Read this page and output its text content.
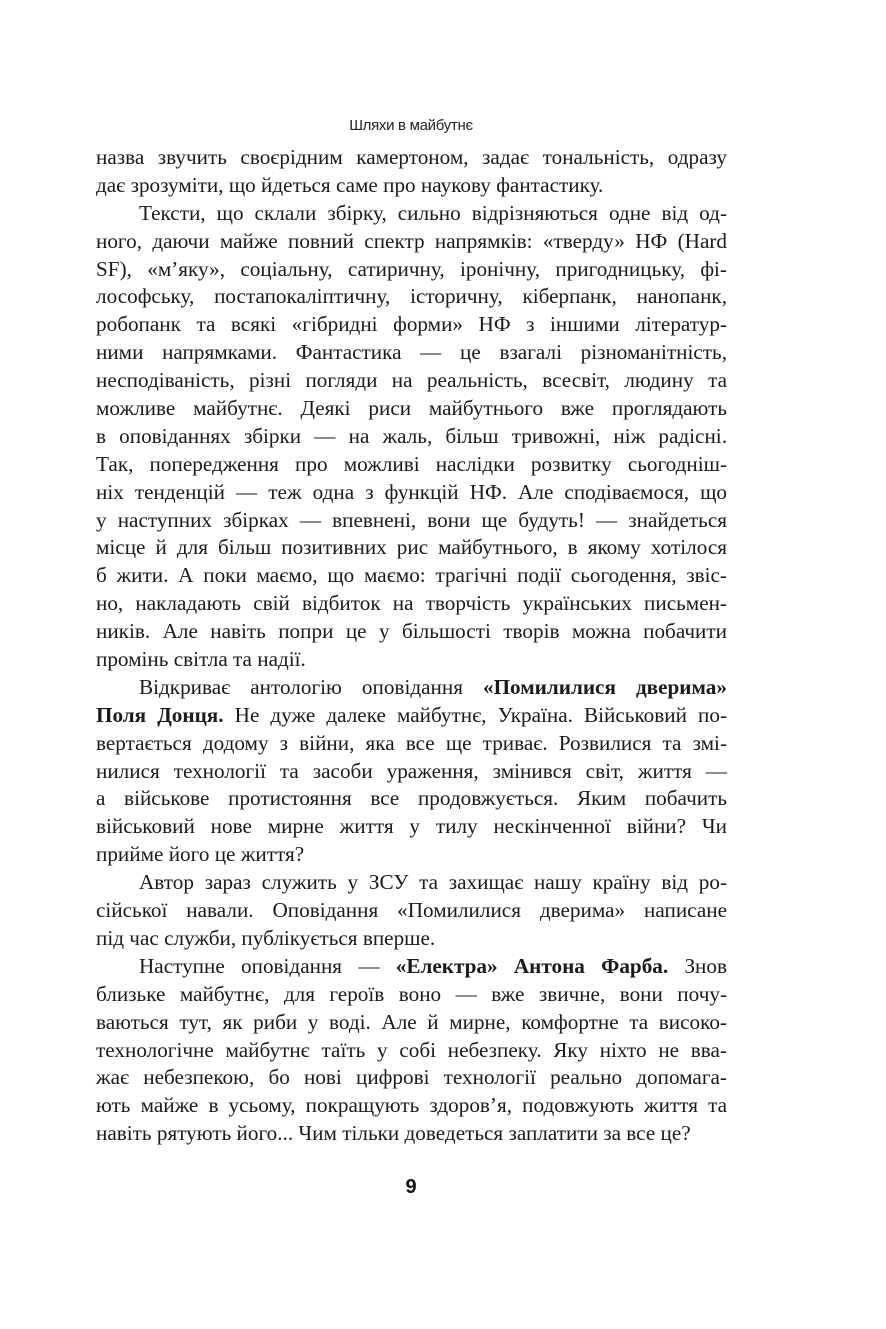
Шляхи в майбутнє
назва звучить своєрідним камертоном, задає тональність, одразу
дає зрозуміти, що йдеться саме про наукову фантастику.
Тексти, що склали збірку, сильно відрізняються одне від од-
ного, даючи майже повний спектр напрямків: «тверду» НФ (Hard
SF), «м’яку», соціальну, сатиричну, іронічну, пригодницьку, фі-
лософську, постапокаліптичну, історичну, кіберпанк, нанопанк,
робопанк та всякі «гібридні форми» НФ з іншими літератур-
ними напрямками. Фантастика — це взагалі різноманітність,
несподіваність, різні погляди на реальність, всесвіт, людину та
можливе майбутнє. Деякі риси майбутнього вже проглядають
в оповіданнях збірки — на жаль, більш тривожні, ніж радісні.
Так, попередження про можливі наслідки розвитку сьогодніш-
ніх тенденцій — теж одна з функцій НФ. Але сподіваємося, що
у наступних збірках — впевнені, вони ще будуть! — знайдеться
місце й для більш позитивних рис майбутнього, в якому хотілося
б жити. А поки маємо, що маємо: трагічні події сьогодення, звіс-
но, накладають свій відбиток на творчість українських письмен-
ників. Але навіть попри це у більшості творів можна побачити
промінь світла та надії.
Відкриває антологію оповідання «Помилилися дверима»
Поля Донця. Не дуже далеке майбутнє, Україна. Військовий по-
вертається додому з війни, яка все ще триває. Розвилися та змі-
нилися технології та засоби ураження, змінився світ, життя —
а військове протистояння все продовжується. Яким побачить
військовий нове мирне життя у тилу нескінченної війни? Чи
прийме його це життя?
Автор зараз служить у ЗСУ та захищає нашу країну від ро-
сійської навали. Оповідання «Помилилися дверима» написане
під час служби, публікується вперше.
Наступне оповідання — «Електра» Антона Фарба. Знов
близьке майбутнє, для героїв воно — вже звичне, вони почу-
ваються тут, як риби у воді. Але й мирне, комфортне та високо-
технологічне майбутнє таїть у собі небезпеку. Яку ніхто не вва-
жає небезпекою, бо нові цифрові технології реально допомага-
ють майже в усьому, покращують здоров’я, подовжують життя та
навіть рятують його... Чим тільки доведеться заплатити за все це?
9
